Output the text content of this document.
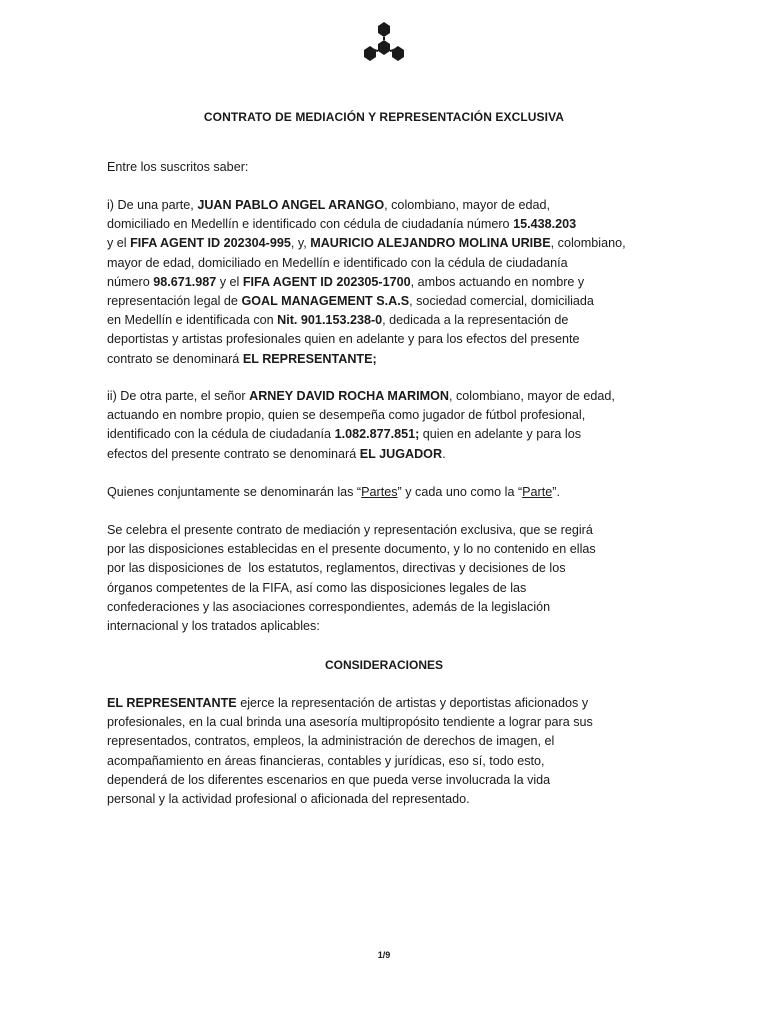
CONTRATO DE MEDIACIÓN Y REPRESENTACIÓN EXCLUSIVA
Entre los suscritos saber:
i) De una parte, JUAN PABLO ANGEL ARANGO, colombiano, mayor de edad,
domiciliado en Medellín e identificado con cédula de ciudadanía número 15.438.203
y el FIFA AGENT ID 202304-995, y, MAURICIO ALEJANDRO MOLINA URIBE, colombiano,
mayor de edad, domiciliado en Medellín e identificado con la cédula de ciudadanía
número 98.671.987 y el FIFA AGENT ID 202305-1700, ambos actuando en nombre y
representación legal de GOAL MANAGEMENT S.A.S, sociedad comercial, domiciliada
en Medellín e identificada con Nit. 901.153.238-0, dedicada a la representación de
deportistas y artistas profesionales quien en adelante y para los efectos del presente
contrato se denominará EL REPRESENTANTE;
ii) De otra parte, el señor ARNEY DAVID ROCHA MARIMON, colombiano, mayor de edad,
actuando en nombre propio, quien se desempeña como jugador de fútbol profesional,
identificado con la cédula de ciudadanía 1.082.877.851; quien en adelante y para los
efectos del presente contrato se denominará EL JUGADOR.
Quienes conjuntamente se denominarán las “Partes” y cada uno como la “Parte”.
Se celebra el presente contrato de mediación y representación exclusiva, que se regirá
por las disposiciones establecidas en el presente documento, y lo no contenido en ellas
por las disposiciones de  los estatutos, reglamentos, directivas y decisiones de los
órganos competentes de la FIFA, así como las disposiciones legales de las
confederaciones y las asociaciones correspondientes, además de la legislación
internacional y los tratados aplicables:
CONSIDERACIONES
EL REPRESENTANTE ejerce la representación de artistas y deportistas aficionados y
profesionales, en la cual brinda una asesoría multipropósito tendiente a lograr para sus
representados, contratos, empleos, la administración de derechos de imagen, el
acompañamiento en áreas financieras, contables y jurídicas, eso sí, todo esto,
dependerá de los diferentes escenarios en que pueda verse involucrada la vida
personal y la actividad profesional o aficionada del representado.
1/9
